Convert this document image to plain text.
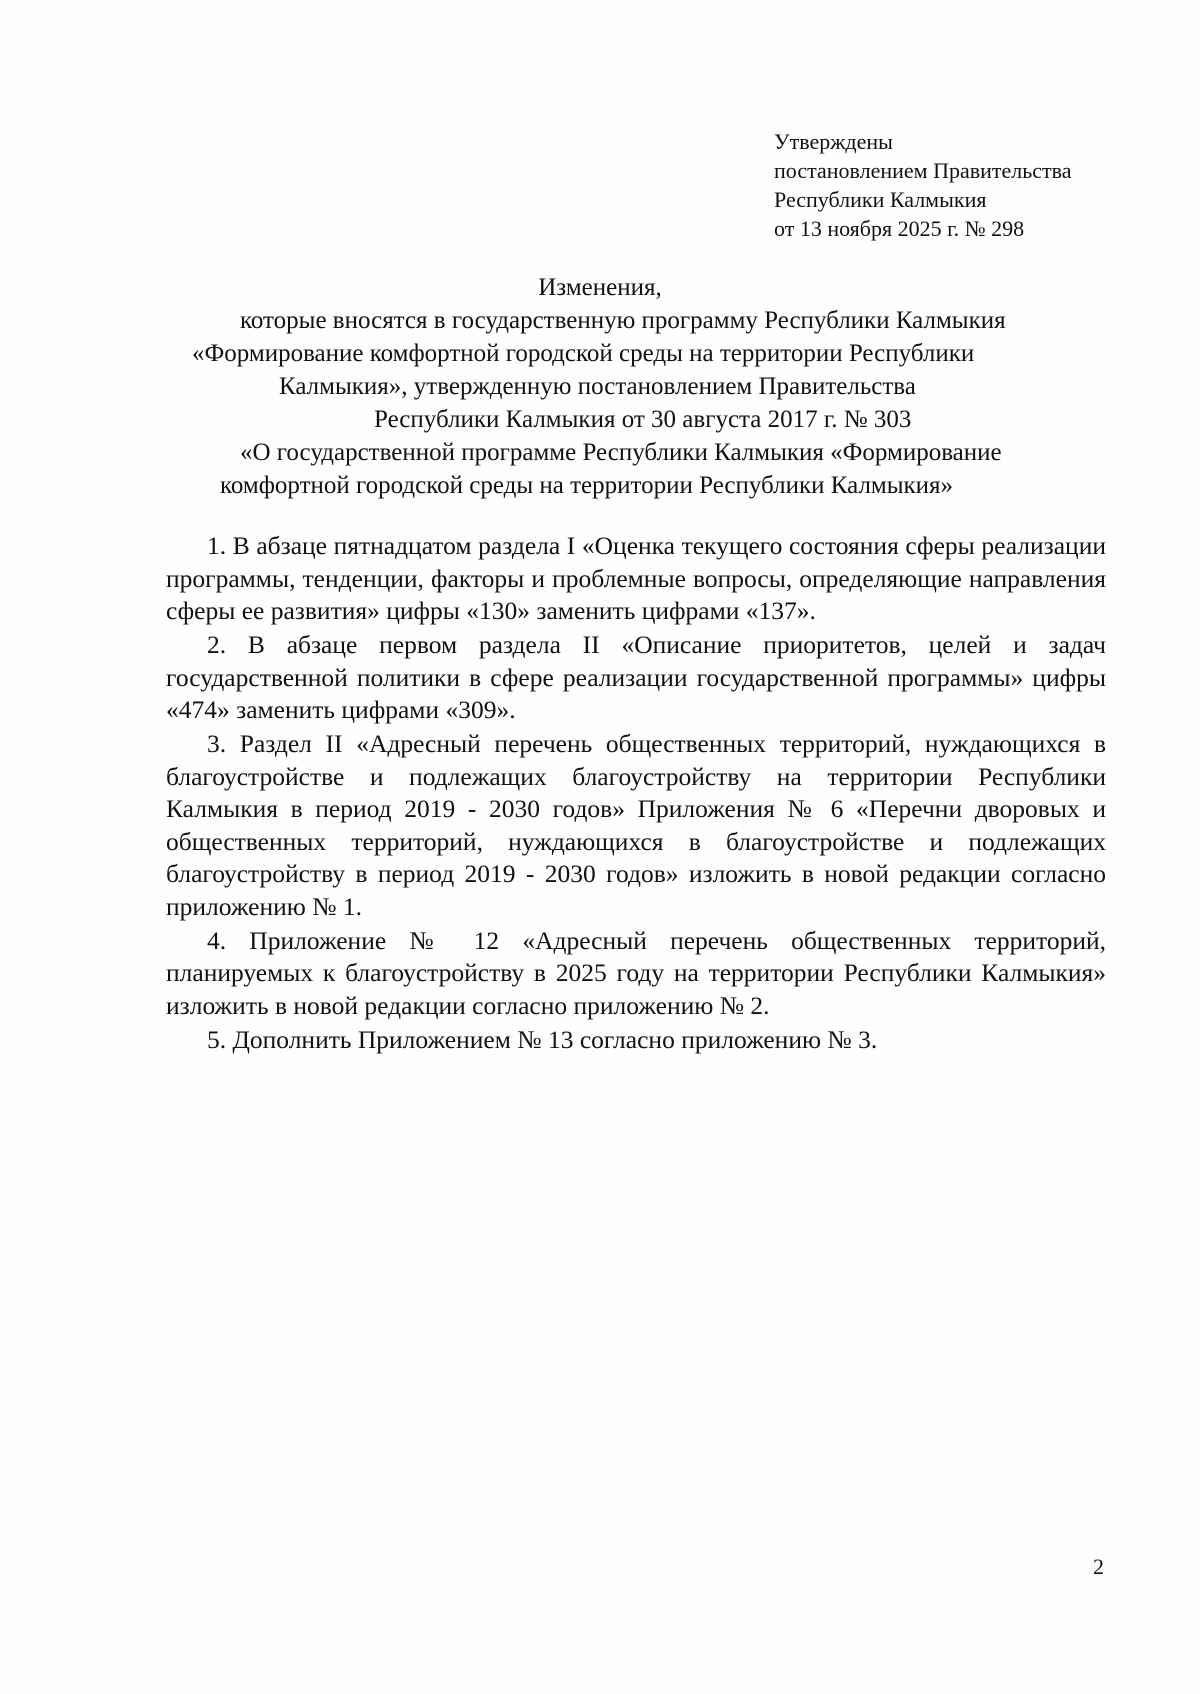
Утверждены
постановлением Правительства
Республики Калмыкия
от 13 ноября 2025 г. № 298
Изменения,
которые вносятся в государственную программу Республики Калмыкия
«Формирование комфортной городской среды на территории Республики
Калмыкия», утвержденную постановлением Правительства
Республики Калмыкия от 30 августа 2017 г. № 303
«О государственной программе Республики Калмыкия «Формирование
комфортной городской среды на территории Республики Калмыкия»

1. В абзаце пятнадцатом раздела I «Оценка текущего состояния сферы реализации программы, тенденции, факторы и проблемные вопросы, определяющие направления сферы ее развития» цифры «130» заменить цифрами «137».

2. В абзаце первом раздела II «Описание приоритетов, целей и задач государственной политики в сфере реализации государственной программы» цифры «474» заменить цифрами «309».

3. Раздел II «Адресный перечень общественных территорий, нуждающихся в благоустройстве и подлежащих благоустройству на территории Республики Калмыкия в период 2019 - 2030 годов» Приложения № 6 «Перечни дворовых и общественных территорий, нуждающихся в благоустройстве и подлежащих благоустройству в период 2019 - 2030 годов» изложить в новой редакции согласно приложению № 1.

4. Приложение № 12 «Адресный перечень общественных территорий, планируемых к благоустройству в 2025 году на территории Республики Калмыкия» изложить в новой редакции согласно приложению № 2.

5. Дополнить Приложением № 13 согласно приложению № 3.

2
